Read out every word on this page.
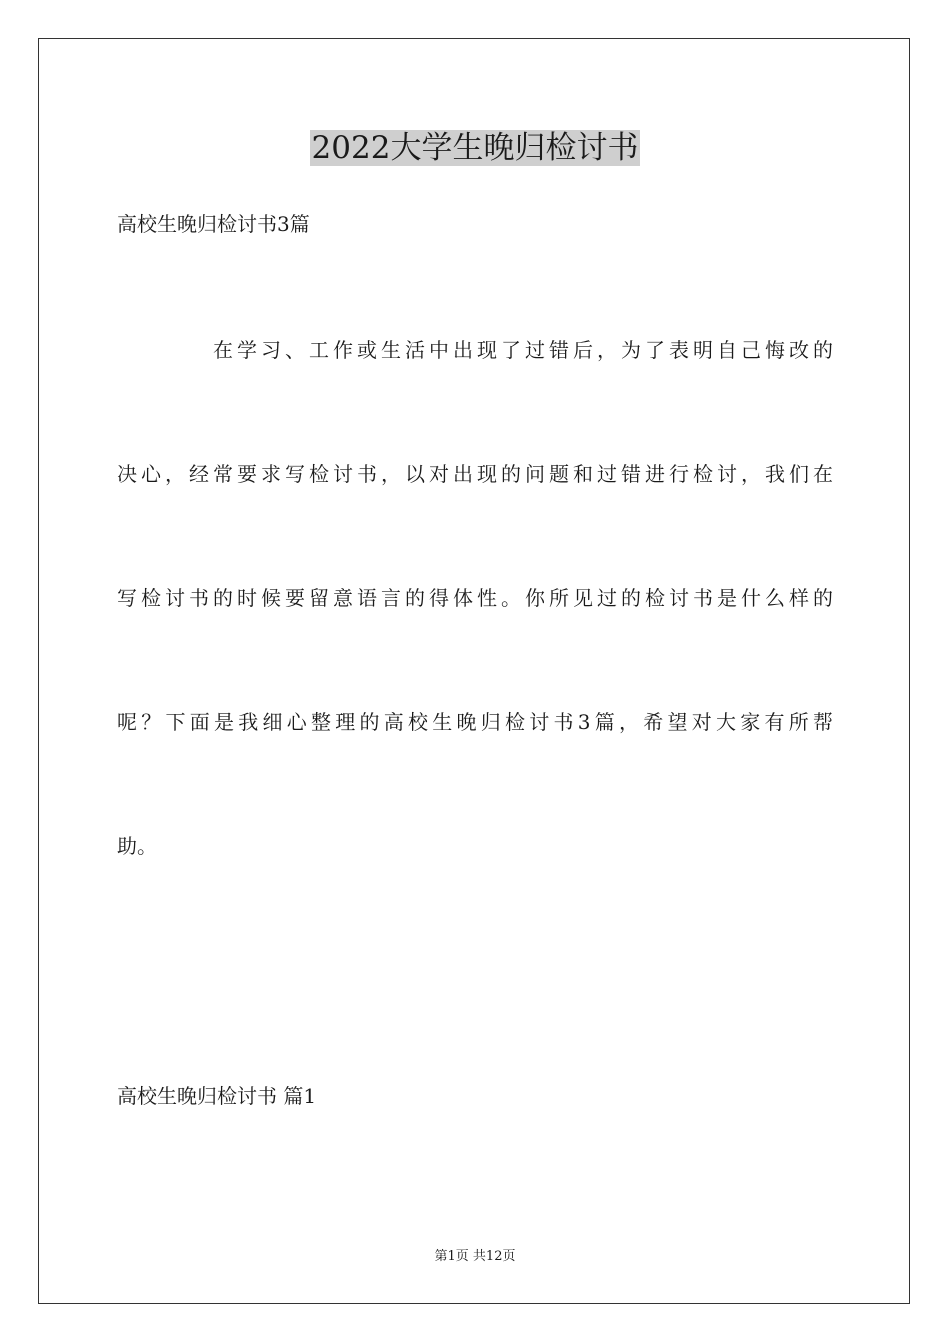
2022大学生晚归检讨书

高校生晚归检讨书3篇

在学习、工作或生活中出现了过错后，为了表明自己悔改的

决心，经常要求写检讨书，以对出现的问题和过错进行检讨，我们在

写检讨书的时候要留意语言的得体性。你所见过的检讨书是什么样的

呢？下面是我细心整理的高校生晚归检讨书3篇，希望对大家有所帮

助。

高校生晚归检讨书 篇1

第1页 共12页
